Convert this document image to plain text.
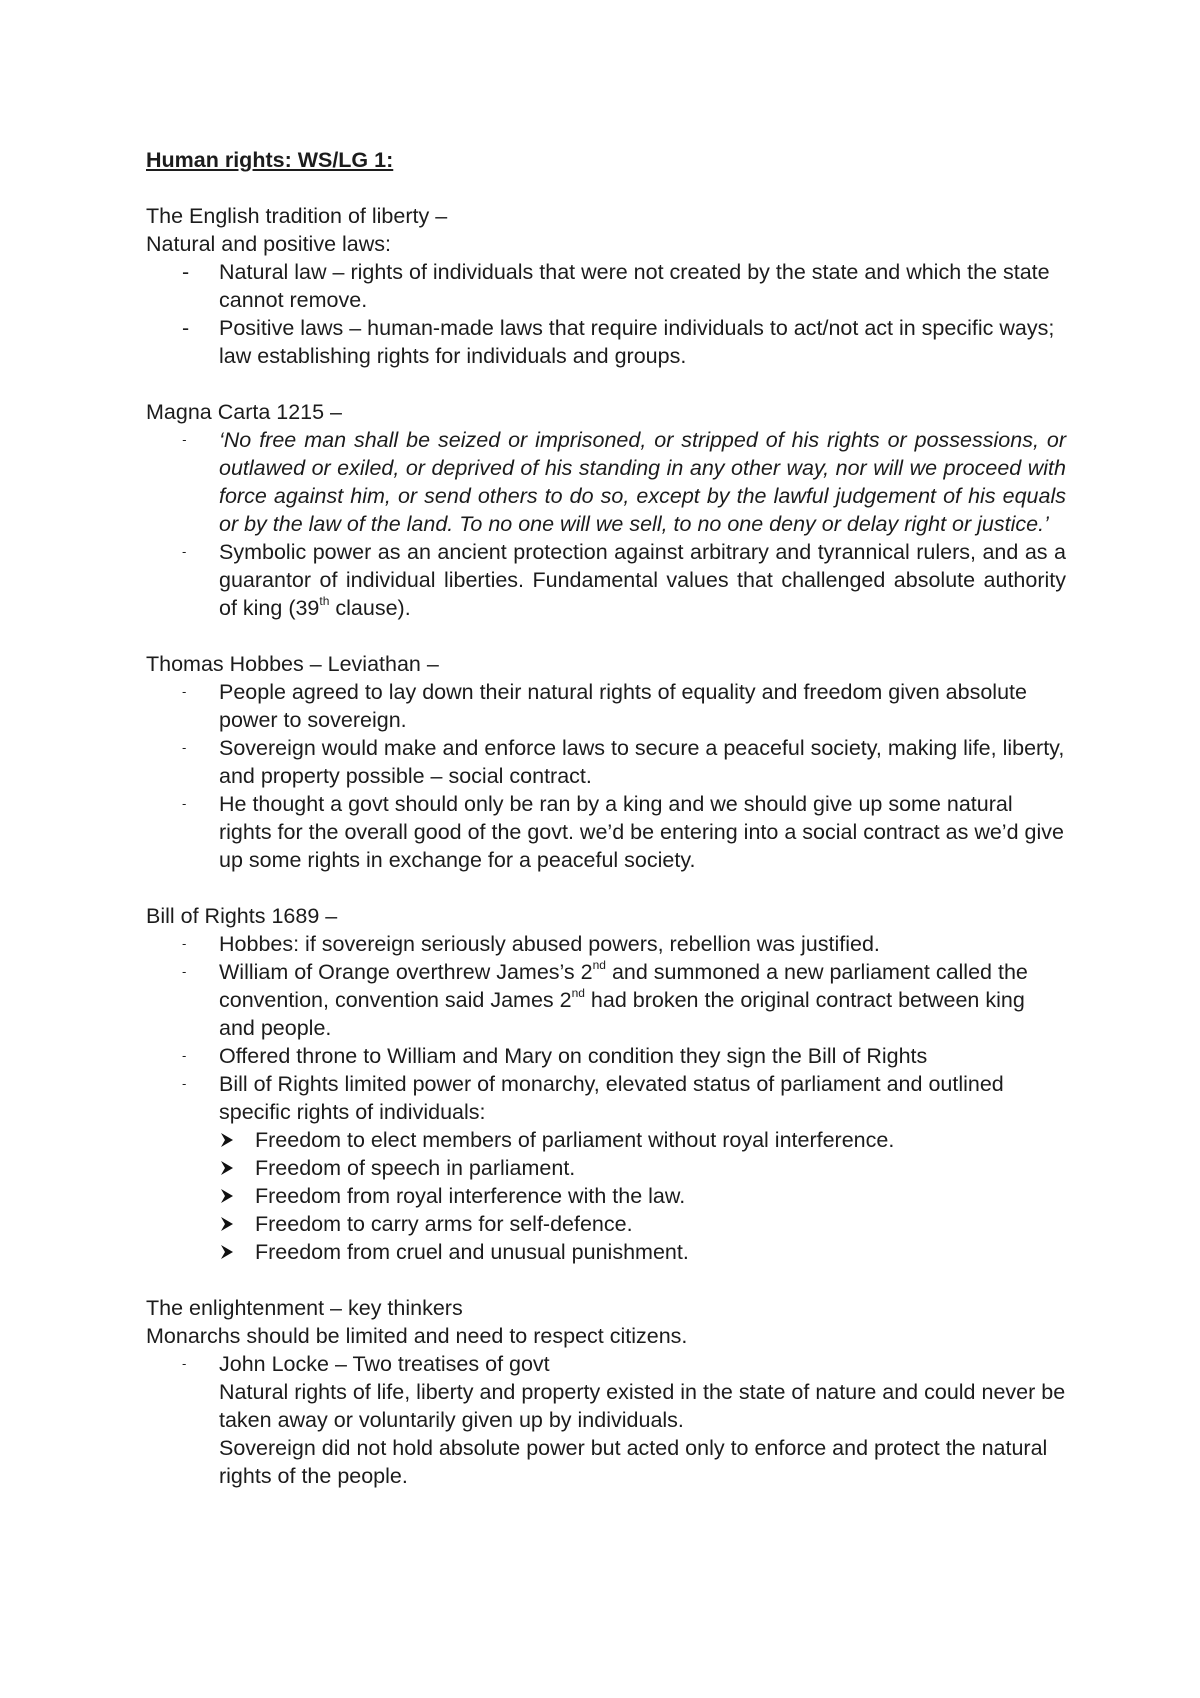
Human rights: WS/LG 1:

The English tradition of liberty –

Natural and positive laws:

- Natural law – rights of individuals that were not created by the state and which the state cannot remove.
- Positive laws – human-made laws that require individuals to act/not act in specific ways; law establishing rights for individuals and groups.

Magna Carta 1215 –

- ‘No free man shall be seized or imprisoned, or stripped of his rights or possessions, or outlawed or exiled, or deprived of his standing in any other way, nor will we proceed with force against him, or send others to do so, except by the lawful judgement of his equals or by the law of the land. To no one will we sell, to no one deny or delay right or justice.’
- Symbolic power as an ancient protection against arbitrary and tyrannical rulers, and as a guarantor of individual liberties. Fundamental values that challenged absolute authority of king (39th clause).

Thomas Hobbes – Leviathan –

- People agreed to lay down their natural rights of equality and freedom given absolute power to sovereign.
- Sovereign would make and enforce laws to secure a peaceful society, making life, liberty, and property possible – social contract.
- He thought a govt should only be ran by a king and we should give up some natural rights for the overall good of the govt. we’d be entering into a social contract as we’d give up some rights in exchange for a peaceful society.

Bill of Rights 1689 –

- Hobbes: if sovereign seriously abused powers, rebellion was justified.
- William of Orange overthrew James’s 2nd and summoned a new parliament called the convention, convention said James 2nd had broken the original contract between king and people.
- Offered throne to William and Mary on condition they sign the Bill of Rights
- Bill of Rights limited power of monarchy, elevated status of parliament and outlined specific rights of individuals:
Freedom to elect members of parliament without royal interference.
Freedom of speech in parliament.
Freedom from royal interference with the law.
Freedom to carry arms for self-defence.
Freedom from cruel and unusual punishment.

The enlightenment – key thinkers

Monarchs should be limited and need to respect citizens.

- John Locke – Two treatises of govt

Natural rights of life, liberty and property existed in the state of nature and could never be taken away or voluntarily given up by individuals.

Sovereign did not hold absolute power but acted only to enforce and protect the natural rights of the people.
